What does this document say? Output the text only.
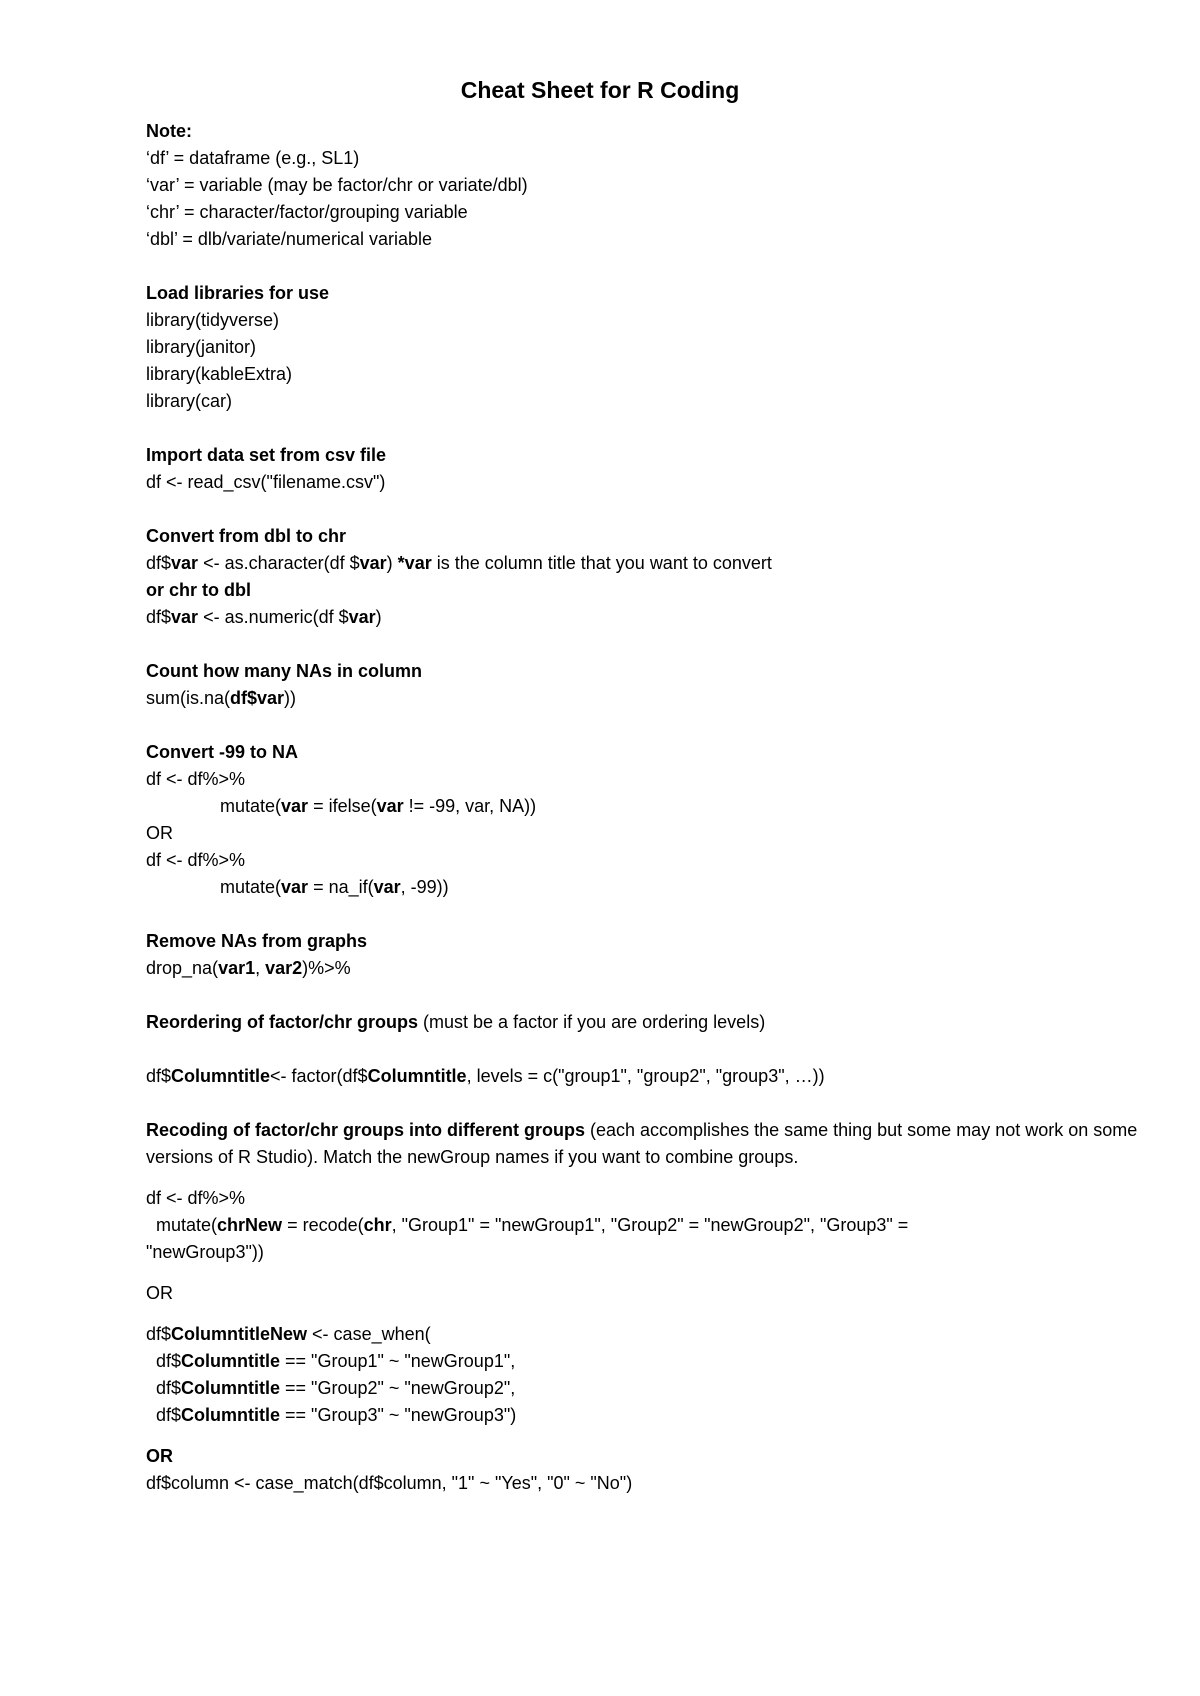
Cheat Sheet for R Coding
Note:
‘df’ = dataframe (e.g., SL1)
‘var’ = variable (may be factor/chr or variate/dbl)
‘chr’ = character/factor/grouping variable
‘dbl’ = dlb/variate/numerical variable
Load libraries for use
library(tidyverse)
library(janitor)
library(kableExtra)
library(car)
Import data set from csv file
df <- read_csv("filename.csv")
Convert from dbl to chr
df$var <- as.character(df $var) *var is the column title that you want to convert
or chr to dbl
df$var <- as.numeric(df $var)
Count how many NAs in column
sum(is.na(df$var))
Convert -99 to NA
df <- df%>%
mutate(var = ifelse(var != -99, var, NA))
OR
df <- df%>%
mutate(var = na_if(var, -99))
Remove NAs from graphs
drop_na(var1, var2)%>%
Reordering of factor/chr groups (must be a factor if you are ordering levels)
df$Columntitle<- factor(df$Columntitle, levels = c("group1", "group2", "group3", …))
Recoding of factor/chr groups into different groups (each accomplishes the same thing but some may not work on some versions of R Studio). Match the newGroup names if you want to combine groups.
df <- df%>%
mutate(chrNew = recode(chr, "Group1" = "newGroup1", "Group2" = "newGroup2", "Group3" =
"newGroup3"))
OR
df$ColumntitleNew <- case_when(
df$Columntitle == "Group1" ~ "newGroup1",
df$Columntitle == "Group2" ~ "newGroup2",
df$Columntitle == "Group3" ~ "newGroup3")
OR
df$column <- case_match(df$column, "1" ~ "Yes", "0" ~ "No")
